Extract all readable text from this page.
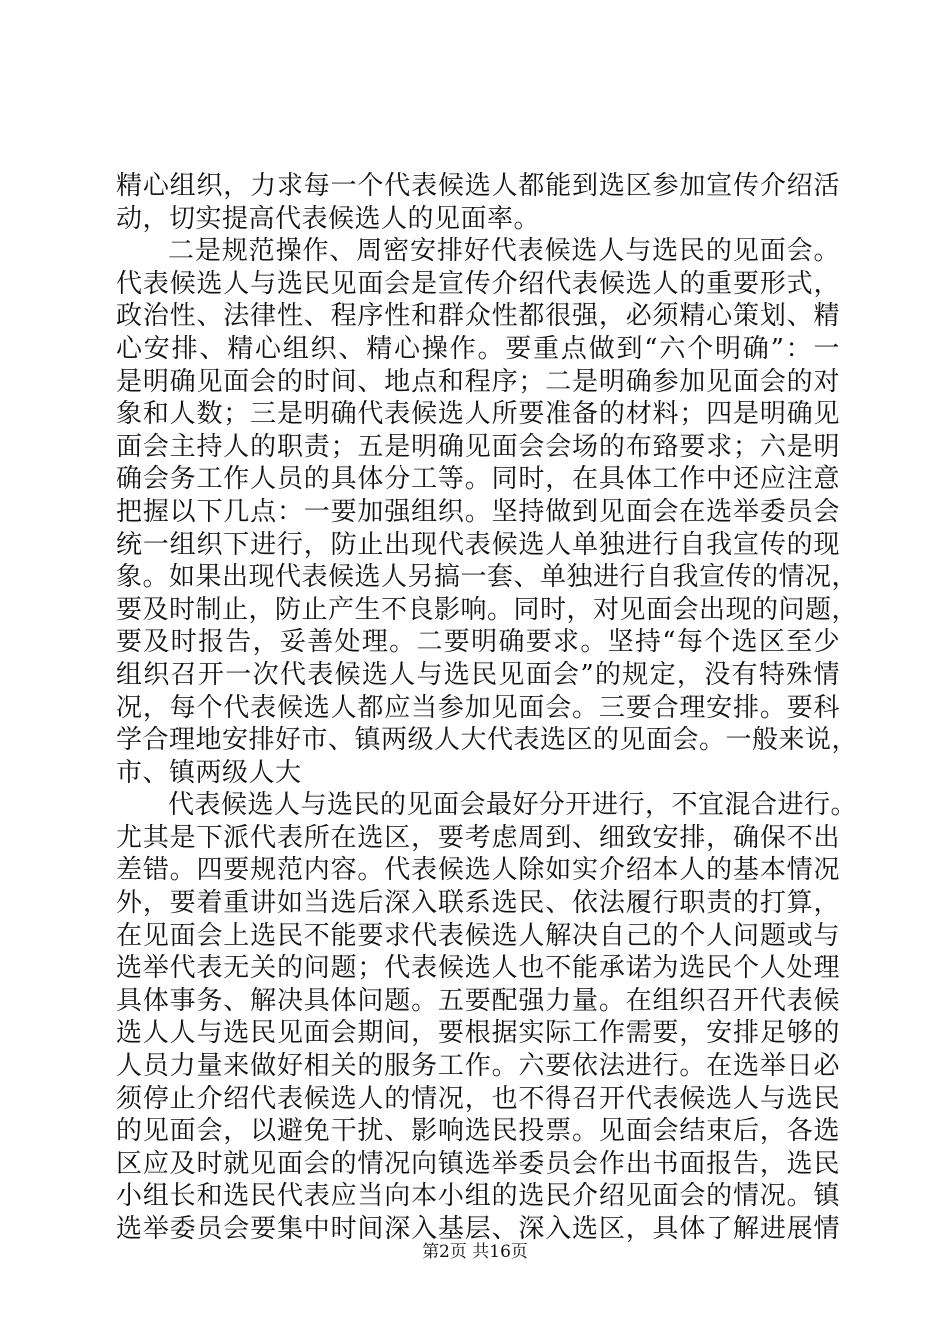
精心组织，力求每一个代表候选人都能到选区参加宣传介绍活
动，切实提高代表候选人的见面率。
二是规范操作、周密安排好代表候选人与选民的见面会。
代表候选人与选民见面会是宣传介绍代表候选人的重要形式，
政治性、法律性、程序性和群众性都很强，必须精心策划、精
心安排、精心组织、精心操作。要重点做到“六个明确”：一
是明确见面会的时间、地点和程序；二是明确参加见面会的对
象和人数；三是明确代表候选人所要准备的材料；四是明确见
面会主持人的职责；五是明确见面会会场的布臵要求；六是明
确会务工作人员的具体分工等。同时，在具体工作中还应注意
把握以下几点：一要加强组织。坚持做到见面会在选举委员会
统一组织下进行，防止出现代表候选人单独进行自我宣传的现
象。如果出现代表候选人另搞一套、单独进行自我宣传的情况，
要及时制止，防止产生不良影响。同时，对见面会出现的问题，
要及时报告，妥善处理。二要明确要求。坚持“每个选区至少
组织召开一次代表候选人与选民见面会”的规定，没有特殊情
况，每个代表候选人都应当参加见面会。三要合理安排。要科
学合理地安排好市、镇两级人大代表选区的见面会。一般来说，
市、镇两级人大
代表候选人与选民的见面会最好分开进行，不宜混合进行。
尤其是下派代表所在选区，要考虑周到、细致安排，确保不出
差错。四要规范内容。代表候选人除如实介绍本人的基本情况
外，要着重讲如当选后深入联系选民、依法履行职责的打算，
在见面会上选民不能要求代表候选人解决自己的个人问题或与
选举代表无关的问题；代表候选人也不能承诺为选民个人处理
具体事务、解决具体问题。五要配强力量。在组织召开代表候
选人人与选民见面会期间，要根据实际工作需要，安排足够的
人员力量来做好相关的服务工作。六要依法进行。在选举日必
须停止介绍代表候选人的情况，也不得召开代表候选人与选民
的见面会，以避免干扰、影响选民投票。见面会结束后，各选
区应及时就见面会的情况向镇选举委员会作出书面报告，选民
小组长和选民代表应当向本小组的选民介绍见面会的情况。镇
选举委员会要集中时间深入基层、深入选区，具体了解进展情
第2页 共16页
